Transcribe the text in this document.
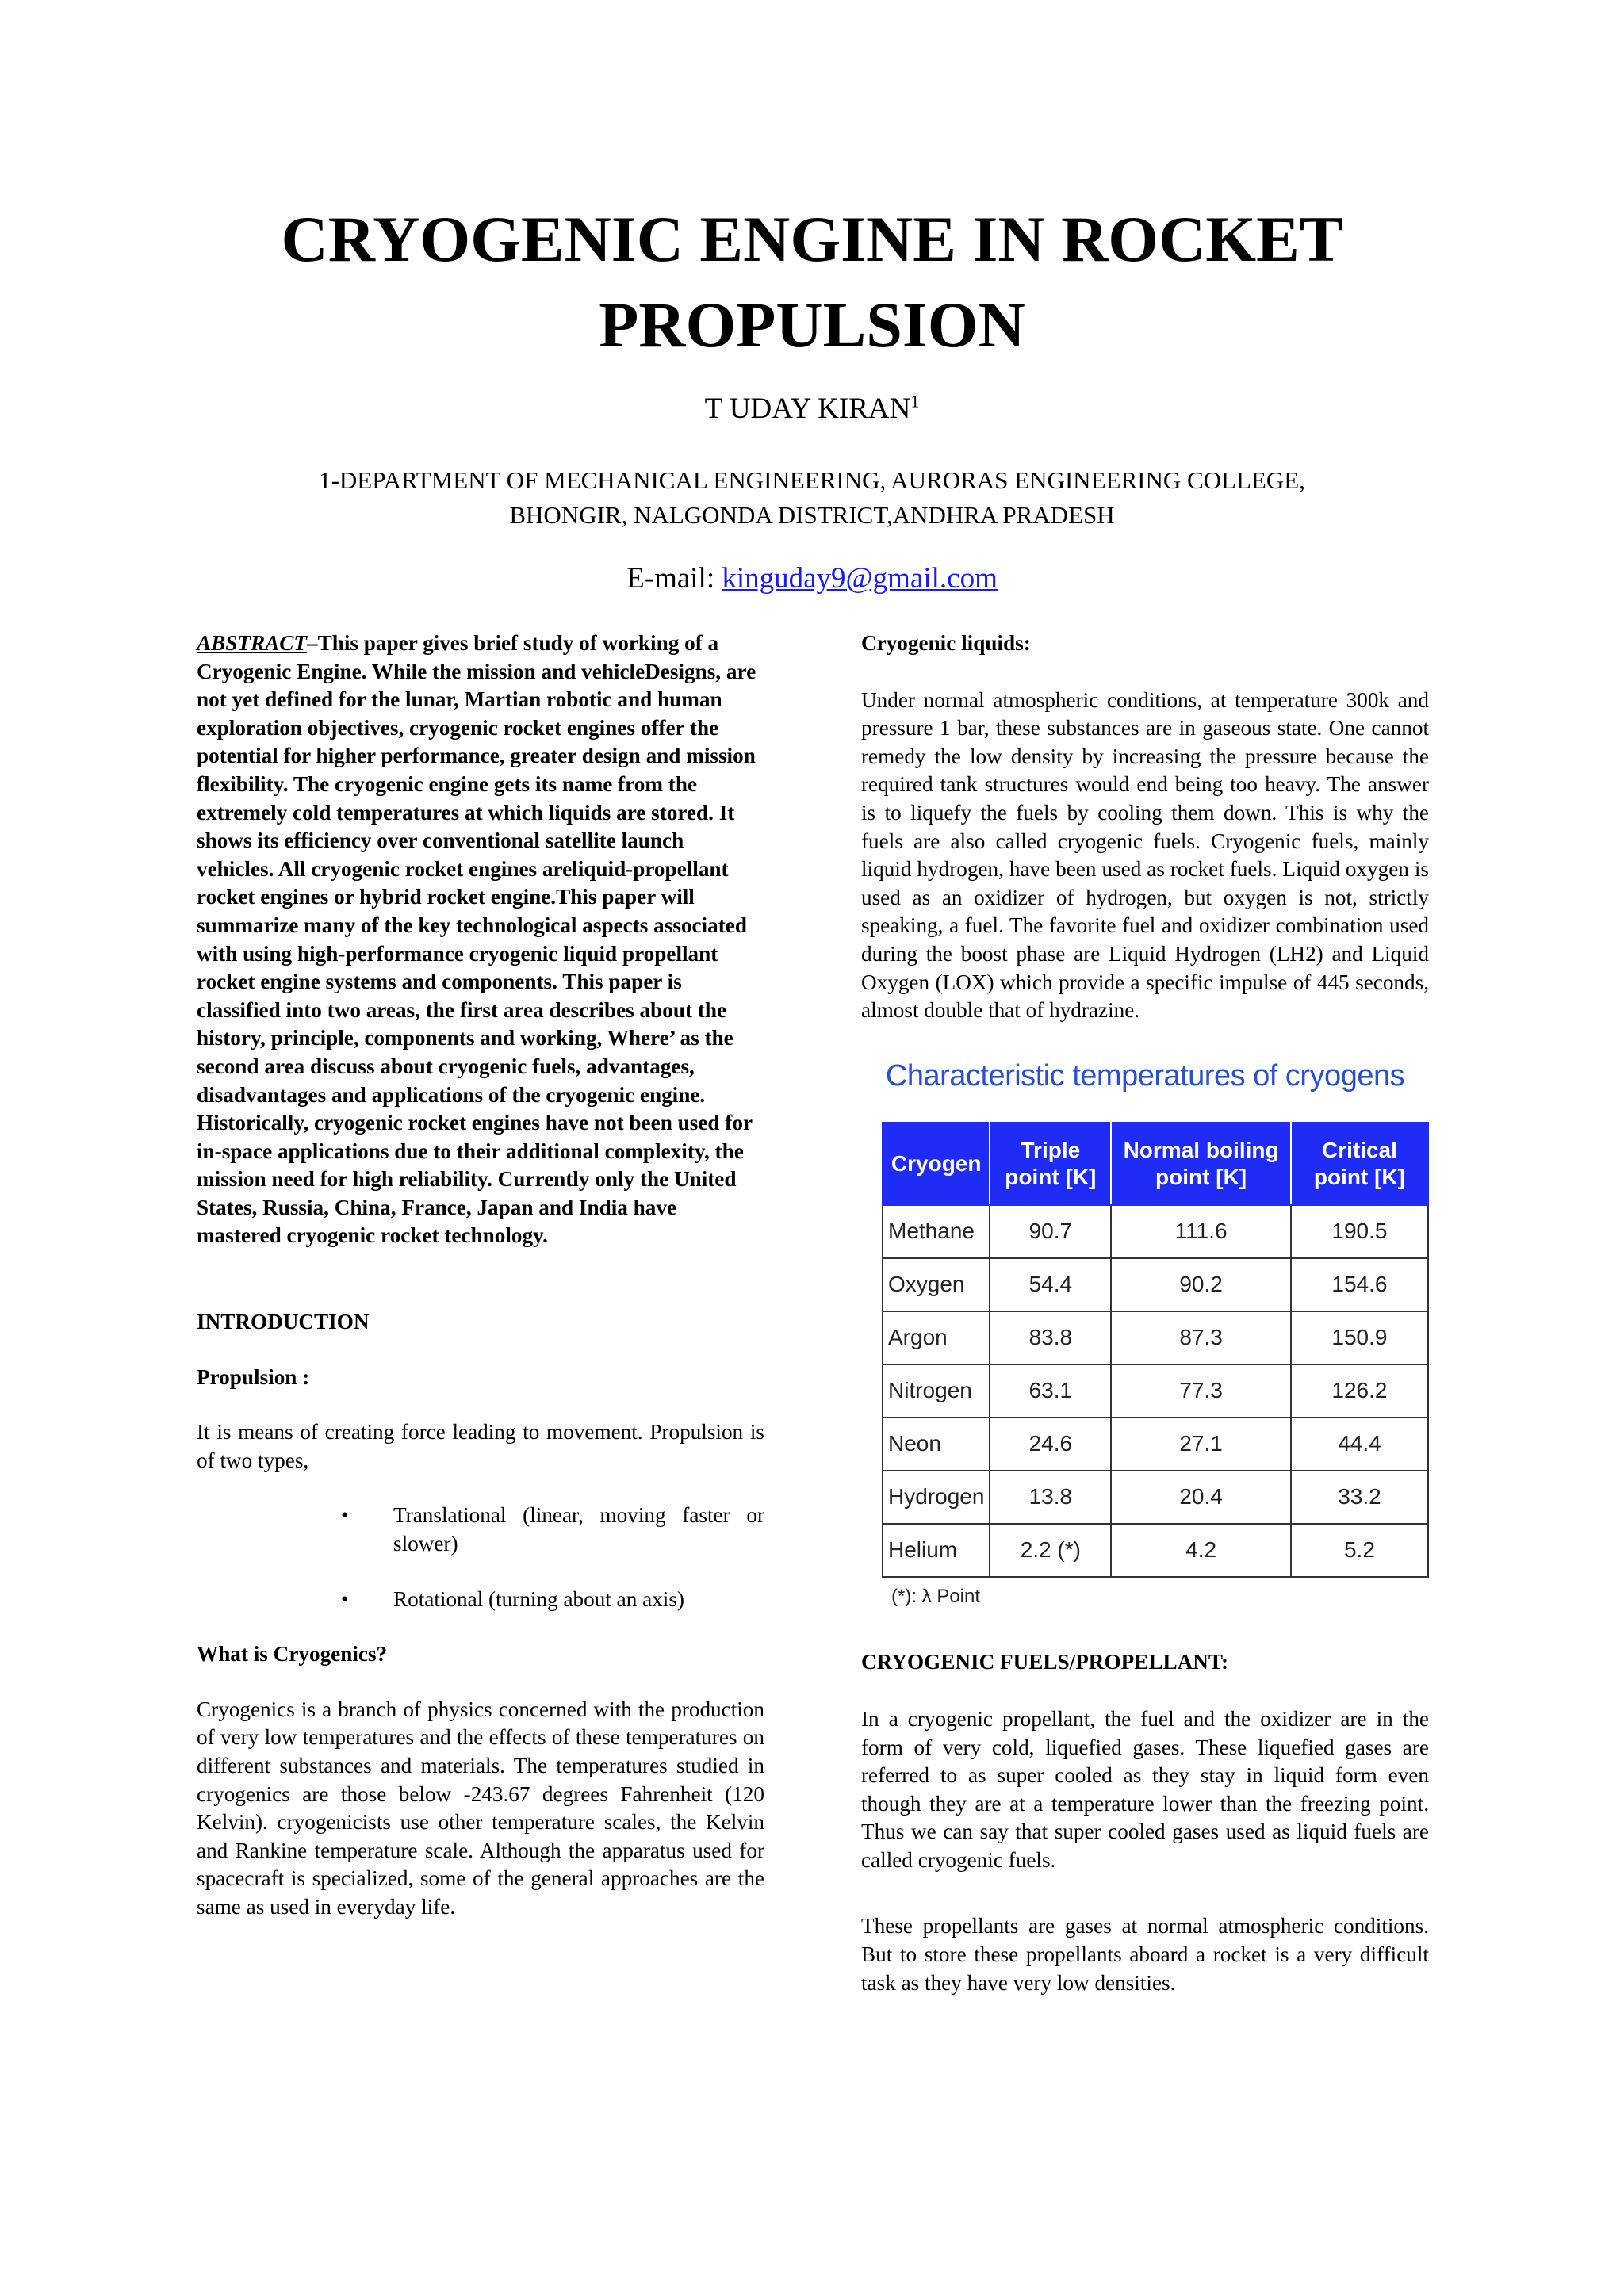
CRYOGENIC ENGINE IN ROCKET
PROPULSION
T UDAY KIRAN$^1$
1-DEPARTMENT OF MECHANICAL ENGINEERING, AURORAS ENGINEERING COLLEGE,
BHONGIR, NALGONDA DISTRICT,ANDHRA PRADESH
E-mail: kinguday9@gmail.com

ABSTRACT–This paper gives brief study of working of a Cryogenic Engine. While the mission and vehicleDesigns, are not yet defined for the lunar, Martian robotic and human exploration objectives, cryogenic rocket engines offer the potential for higher performance, greater design and mission flexibility. The cryogenic engine gets its name from the extremely cold temperatures at which liquids are stored. It shows its efficiency over conventional satellite launch vehicles. All cryogenic rocket engines areliquid-propellant rocket engines or hybrid rocket engine.This paper will summarize many of the key technological aspects associated with using high-performance cryogenic liquid propellant rocket engine systems and components. This paper is classified into two areas, the first area describes about the history, principle, components and working, Where’ as the second area discuss about cryogenic fuels, advantages, disadvantages and applications of the cryogenic engine. Historically, cryogenic rocket engines have not been used for in-space applications due to their additional complexity, the mission need for high reliability. Currently only the United States, Russia, China, France, Japan and India have mastered cryogenic rocket technology.

INTRODUCTION

Propulsion :

It is means of creating force leading to movement. Propulsion is of two types,

• Translational (linear, moving faster or slower)
• Rotational (turning about an axis)

What is Cryogenics?

Cryogenics is a branch of physics concerned with the production of very low temperatures and the effects of these temperatures on different substances and materials. The temperatures studied in cryogenics are those below -243.67 degrees Fahrenheit (120 Kelvin). cryogenicists use other temperature scales, the Kelvin and Rankine temperature scale. Although the apparatus used for spacecraft is specialized, some of the general approaches are the same as used in everyday life.

Cryogenic liquids:

Under normal atmospheric conditions, at temperature 300k and pressure 1 bar, these substances are in gaseous state. One cannot remedy the low density by increasing the pressure because the required tank structures would end being too heavy. The answer is to liquefy the fuels by cooling them down. This is why the fuels are also called cryogenic fuels. Cryogenic fuels, mainly liquid hydrogen, have been used as rocket fuels. Liquid oxygen is used as an oxidizer of hydrogen, but oxygen is not, strictly speaking, a fuel. The favorite fuel and oxidizer combination used during the boost phase are Liquid Hydrogen (LH2) and Liquid Oxygen (LOX) which provide a specific impulse of 445 seconds, almost double that of hydrazine.

Characteristic temperatures of cryogens

Cryogen	Triple point [K]	Normal boiling point [K]	Critical point [K]
Methane	90.7	111.6	190.5
Oxygen	54.4	90.2	154.6
Argon	83.8	87.3	150.9
Nitrogen	63.1	77.3	126.2
Neon	24.6	27.1	44.4
Hydrogen	13.8	20.4	33.2
Helium	2.2 (*)	4.2	5.2

(*): λ Point

CRYOGENIC FUELS/PROPELLANT:

In a cryogenic propellant, the fuel and the oxidizer are in the form of very cold, liquefied gases. These liquefied gases are referred to as super cooled as they stay in liquid form even though they are at a temperature lower than the freezing point. Thus we can say that super cooled gases used as liquid fuels are called cryogenic fuels.

These propellants are gases at normal atmospheric conditions. But to store these propellants aboard a rocket is a very difficult task as they have very low densities.
